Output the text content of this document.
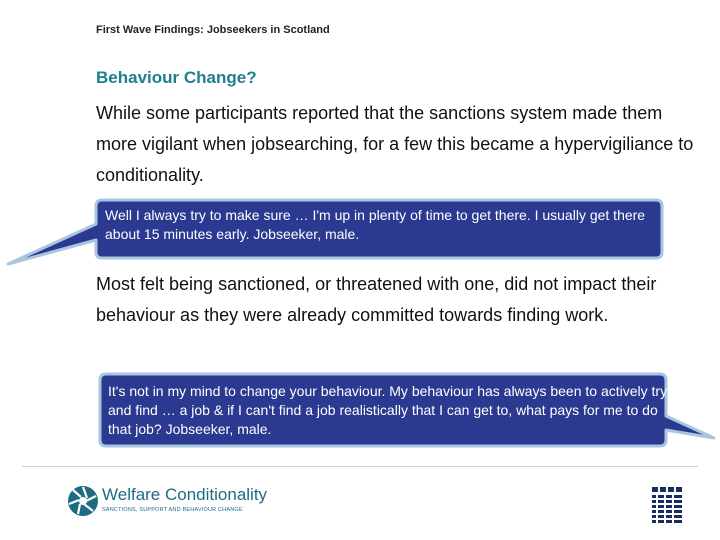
First Wave Findings: Jobseekers in Scotland
Behaviour Change?
While some participants reported that the sanctions system made them more vigilant when jobsearching, for a few this became a hypervigiliance to conditionality.
Well I always try to make sure … I'm up in plenty of time to get there. I usually get there about 15 minutes early. Jobseeker, male.
Most felt being sanctioned, or threatened with one, did not impact their behaviour as they were already committed towards finding work.
It's not in my mind to change your behaviour. My behaviour has always been to actively try and find … a job & if I can't find a job realistically that I can get to, what pays for me to do that job? Jobseeker, male.
Welfare Conditionality
SANCTIONS, SUPPORT AND BEHAVIOUR CHANGE
